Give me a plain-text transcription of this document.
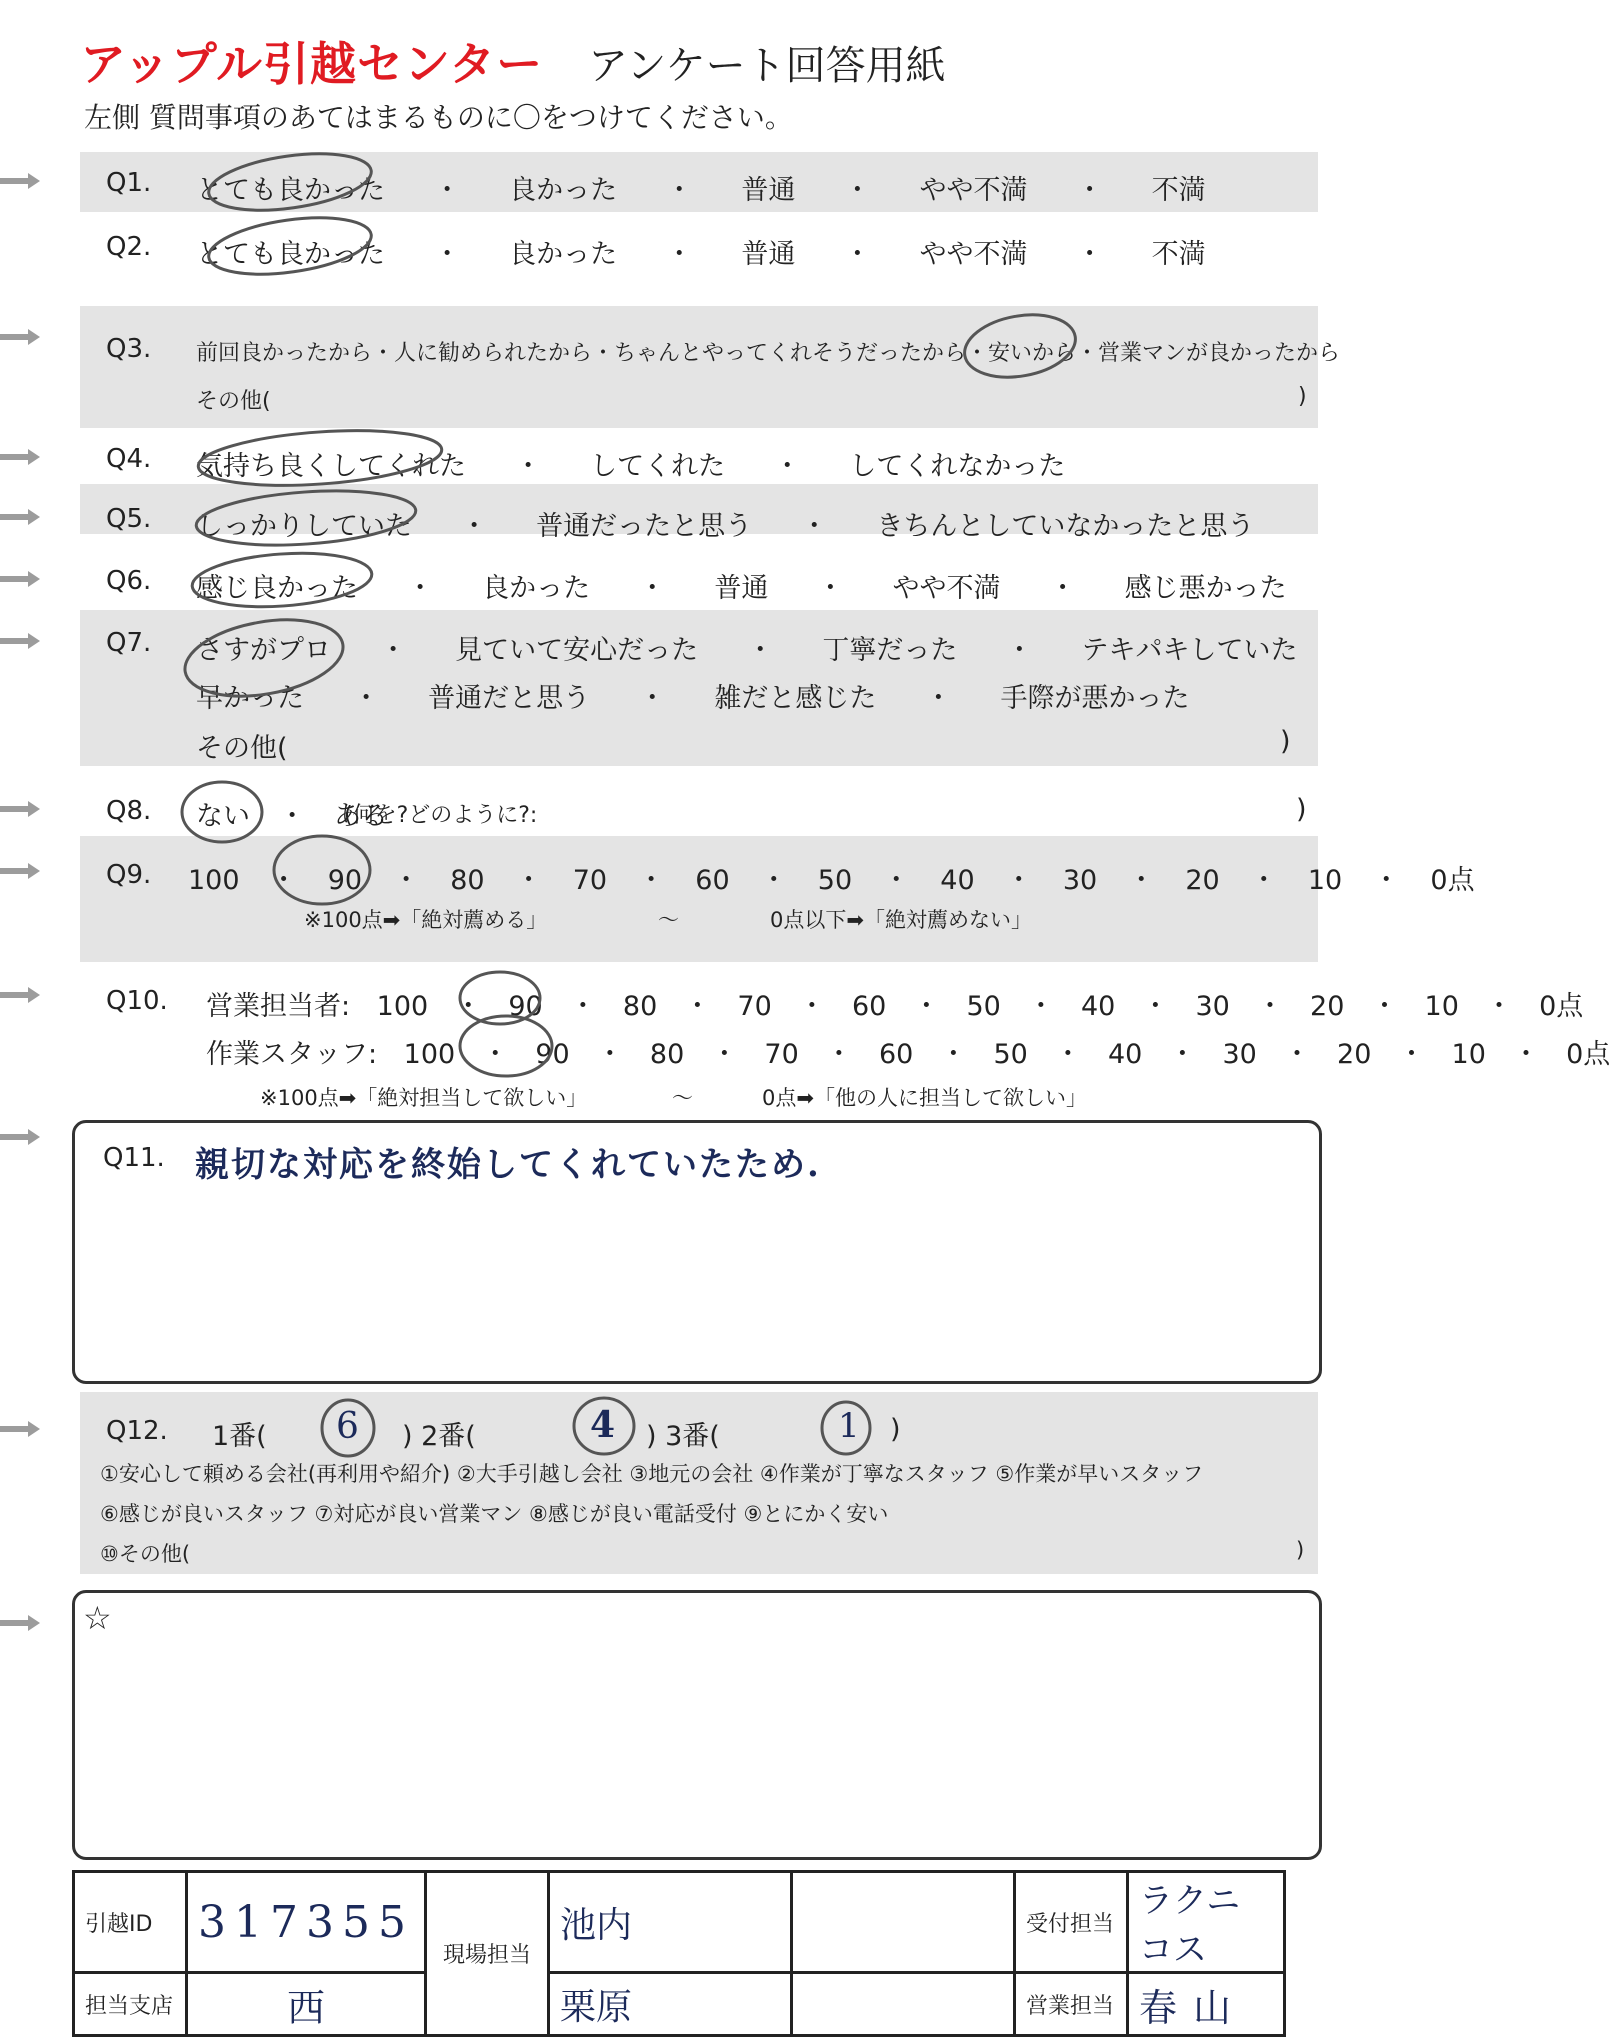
アップル引越センター アンケート回答用紙
左側 質問事項のあてはまるものに〇をつけてください。
Q1. とても良かった ・ 良かった ・ 普通 ・ やや不満 ・ 不満
Q2. とても良かった ・ 良かった ・ 普通 ・ やや不満 ・ 不満
Q3. 前回良かったから・人に勧められたから・ちゃんとやってくれそうだったから・安いから・営業マンが良かったから
その他(	)
Q4. 気持ち良くしてくれた ・ してくれた ・ してくれなかった
Q5. しっかりしていた ・ 普通だったと思う ・ きちんとしていなかったと思う
Q6. 感じ良かった ・ 良かった ・ 普通 ・ やや不満 ・ 感じ悪かった
Q7. さすがプロ ・ 見ていて安心だった ・ 丁寧だった ・ テキパキしていた
早かった ・ 普通だと思う ・ 雑だと感じた ・ 手際が悪かった
その他(	)
Q8. ない ・ ある
(何を?どのように?:	)
Q9. 100 ・ 90 ・ 80 ・ 70 ・ 60 ・ 50 ・ 40 ・ 30 ・ 20 ・ 10 ・ 0点
※100点➡「絶対薦める」	～	0点以下➡「絶対薦めない」
Q10. 営業担当者: 100 ・ 90 ・ 80 ・ 70 ・ 60 ・ 50 ・ 40 ・ 30 ・ 20 ・ 10 ・ 0点
作業スタッフ: 100 ・ 90 ・ 80 ・ 70 ・ 60 ・ 50 ・ 40 ・ 30 ・ 20 ・ 10 ・ 0点
※100点➡「絶対担当して欲しい」	～	0点➡「他の人に担当して欲しい」
Q11. 親切な対応を終始してくれていたため.
Q12. 1番( 6 ) 2番(	4 ) 3番(	1 )
①安心して頼める会社(再利用や紹介) ②大手引越し会社 ③地元の会社 ④作業が丁寧なスタッフ ⑤作業が早いスタッフ
⑥感じが良いスタッフ ⑦対応が良い営業マン ⑧感じが良い電話受付 ⑨とにかく安い
⑩その他(	)
☆
引越ID	317355	現場担当	池内		受付担当	ラクニコス
担当支店	西		栗原		営業担当	春山
